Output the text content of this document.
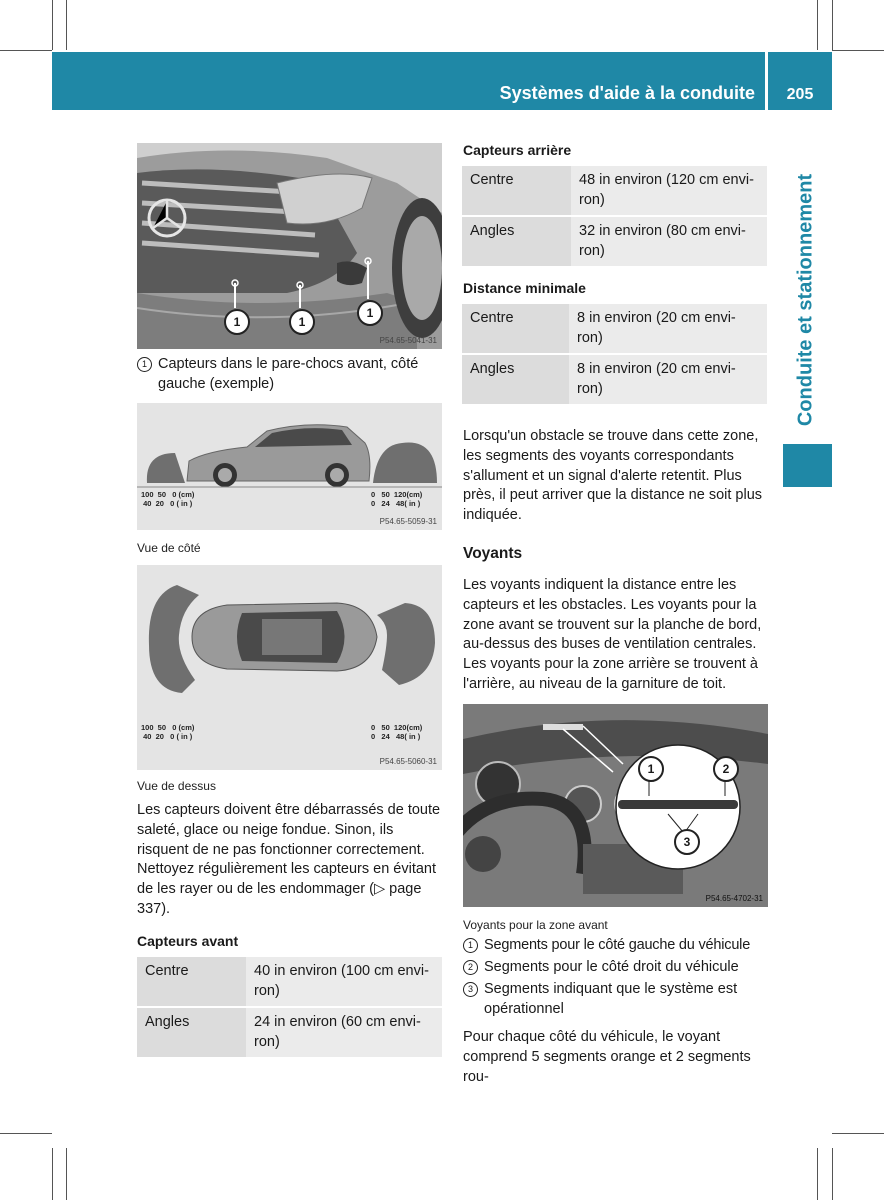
Systèmes d'aide à la conduite	205
Conduite et stationnement
1	1
1
P54.65-5041-31
1 Capteurs dans le pare-chocs avant, côté gauche (exemple)
100  50   0 (cm)
40  20   0 ( in )
0   50  120(cm)
0   24   48( in )
P54.65-5059-31
Vue de côté
100  50   0 (cm)
40  20   0 ( in )
0   50  120(cm)
0   24   48( in )
P54.65-5060-31
Vue de dessus
Les capteurs doivent être débarrassés de toute saleté, glace ou neige fondue. Sinon, ils risquent de ne pas fonctionner correctement. Nettoyez régulièrement les capteurs en évitant de les rayer ou de les endommager (▷ page 337).
Capteurs avant
Centre	40 in environ (100 cm envi-ron)
Angles	24 in environ (60 cm envi-ron)
Capteurs arrière
Centre	48 in environ (120 cm envi-ron)
Angles	32 in environ (80 cm envi-ron)
Distance minimale
Centre	8 in environ (20 cm envi-ron)
Angles	8 in environ (20 cm envi-ron)
Lorsqu'un obstacle se trouve dans cette zone, les segments des voyants correspondants s'allument et un signal d'alerte retentit. Plus près, il peut arriver que la distance ne soit plus indiquée.
Voyants
Les voyants indiquent la distance entre les capteurs et les obstacles. Les voyants pour la zone avant se trouvent sur la planche de bord, au-dessus des buses de ventilation centrales. Les voyants pour la zone arrière se trouvent à l'arrière, au niveau de la garniture de toit.
1	2
3
P54.65-4702-31
Voyants pour la zone avant
1 Segments pour le côté gauche du véhicule
2 Segments pour le côté droit du véhicule
3 Segments indiquant que le système est opérationnel
Pour chaque côté du véhicule, le voyant comprend 5 segments orange et 2 segments rou-
